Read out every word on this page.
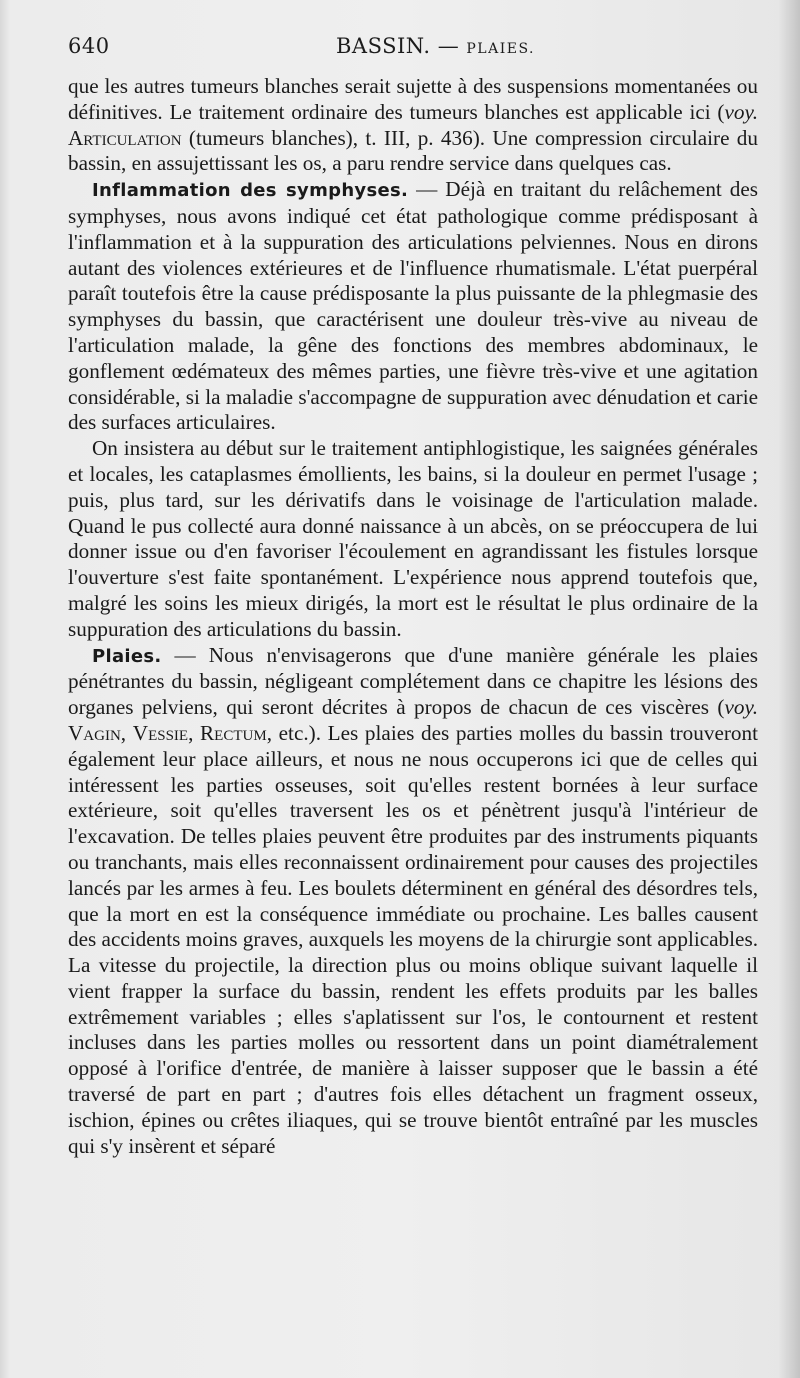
640	BASSIN. — PLAIES.

que les autres tumeurs blanches serait sujette à des suspensions momentanées ou définitives. Le traitement ordinaire des tumeurs blanches est applicable ici (voy. Articulation (tumeurs blanches), t. III, p. 436). Une compression circulaire du bassin, en assujettissant les os, a paru rendre service dans quelques cas.

Inflammation des symphyses. — Déjà en traitant du relâchement des symphyses, nous avons indiqué cet état pathologique comme prédisposant à l'inflammation et à la suppuration des articulations pelviennes. Nous en dirons autant des violences extérieures et de l'influence rhumatismale. L'état puerpéral paraît toutefois être la cause prédisposante la plus puissante de la phlegmasie des symphyses du bassin, que caractérisent une douleur très-vive au niveau de l'articulation malade, la gêne des fonctions des membres abdominaux, le gonflement œdémateux des mêmes parties, une fièvre très-vive et une agitation considérable, si la maladie s'accompagne de suppuration avec dénudation et carie des surfaces articulaires.

On insistera au début sur le traitement antiphlogistique, les saignées générales et locales, les cataplasmes émollients, les bains, si la douleur en permet l'usage ; puis, plus tard, sur les dérivatifs dans le voisinage de l'articulation malade. Quand le pus collecté aura donné naissance à un abcès, on se préoccupera de lui donner issue ou d'en favoriser l'écoulement en agrandissant les fistules lorsque l'ouverture s'est faite spontanément. L'expérience nous apprend toutefois que, malgré les soins les mieux dirigés, la mort est le résultat le plus ordinaire de la suppuration des articulations du bassin.

Plaies. — Nous n'envisagerons que d'une manière générale les plaies pénétrantes du bassin, négligeant complétement dans ce chapitre les lésions des organes pelviens, qui seront décrites à propos de chacun de ces viscères (voy. Vagin, Vessie, Rectum, etc.). Les plaies des parties molles du bassin trouveront également leur place ailleurs, et nous ne nous occuperons ici que de celles qui intéressent les parties osseuses, soit qu'elles restent bornées à leur surface extérieure, soit qu'elles traversent les os et pénètrent jusqu'à l'intérieur de l'excavation. De telles plaies peuvent être produites par des instruments piquants ou tranchants, mais elles reconnaissent ordinairement pour causes des projectiles lancés par les armes à feu. Les boulets déterminent en général des désordres tels, que la mort en est la conséquence immédiate ou prochaine. Les balles causent des accidents moins graves, auxquels les moyens de la chirurgie sont applicables. La vitesse du projectile, la direction plus ou moins oblique suivant laquelle il vient frapper la surface du bassin, rendent les effets produits par les balles extrêmement variables ; elles s'aplatissent sur l'os, le contournent et restent incluses dans les parties molles ou ressortent dans un point diamétralement opposé à l'orifice d'entrée, de manière à laisser supposer que le bassin a été traversé de part en part ; d'autres fois elles détachent un fragment osseux, ischion, épines ou crêtes iliaques, qui se trouve bientôt entraîné par les muscles qui s'y insèrent et séparé
